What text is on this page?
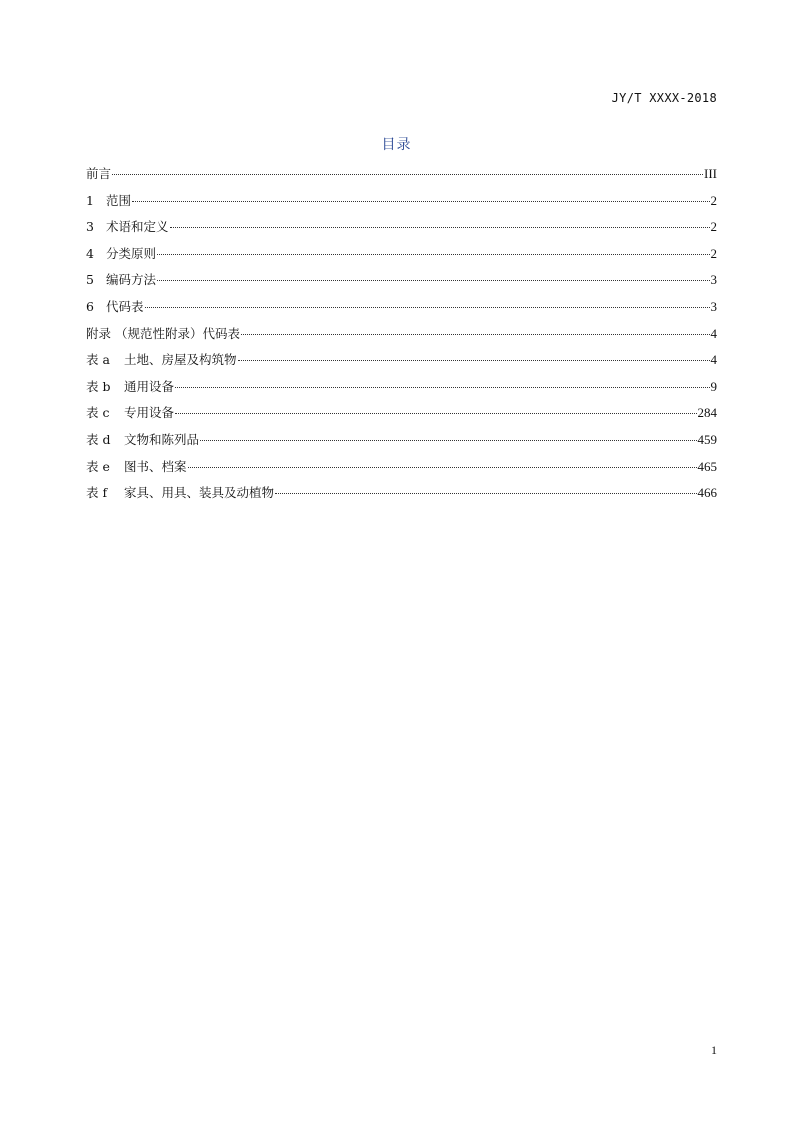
JY/T XXXX-2018
目录
前言	III
1 范围	2
3 术语和定义	2
4 分类原则	2
5 编码方法	3
6 代码表	3
附录 （规范性附录）代码表	4
表 a 土地、房屋及构筑物	4
表 b 通用设备	9
表 c 专用设备	284
表 d 文物和陈列品	459
表 e 图书、档案	465
表 f 家具、用具、装具及动植物	466
1
